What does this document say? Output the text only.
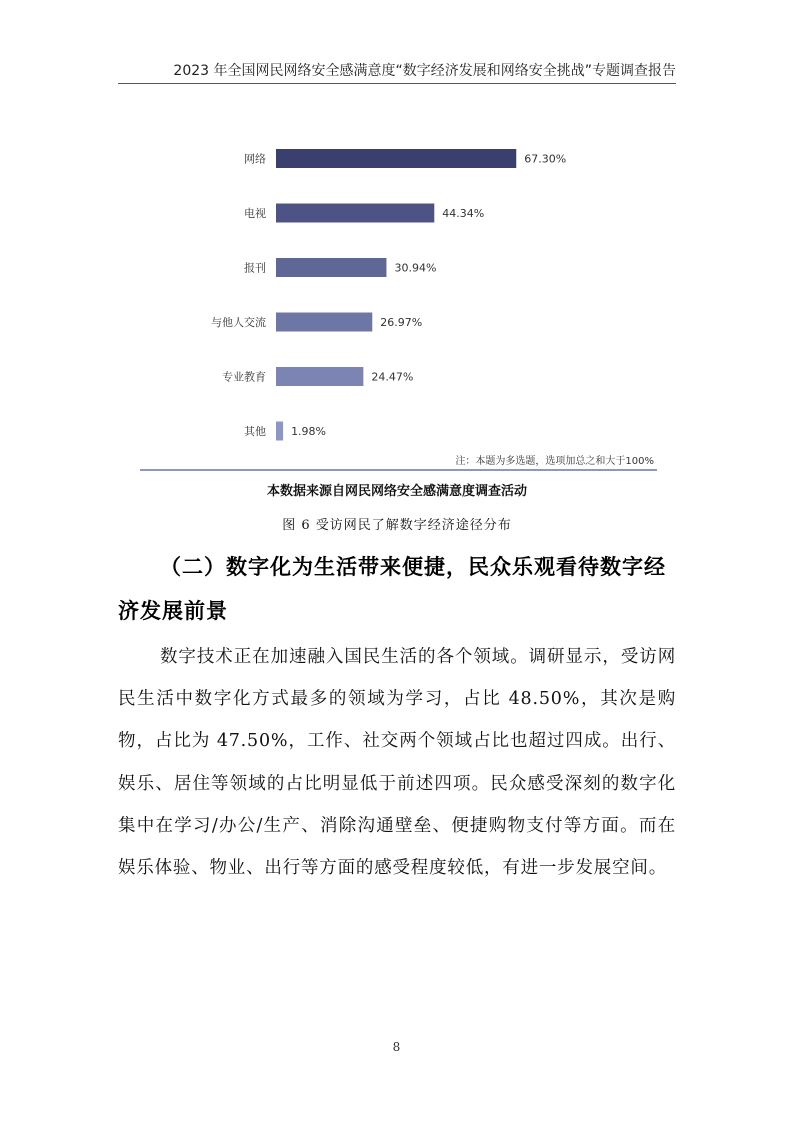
2023 年全国网民网络安全感满意度“数字经济发展和网络安全挑战”专题调查报告
网络	67.30%
电视	44.34%
报刊	30.94%
与他人交流	26.97%
专业教育	24.47%
其他 1.98%
注：本题为多选题，选项加总之和大于100%
本数据来源自网民网络安全感满意度调查活动
图 6 受访网民了解数字经济途径分布
（二）数字化为生活带来便捷，民众乐观看待数字经济发展前景
数字技术正在加速融入国民生活的各个领域。调研显示，受访网民生活中数字化方式最多的领域为学习，占比 48.50%，其次是购物，占比为 47.50%，工作、社交两个领域占比也超过四成。出行、娱乐、居住等领域的占比明显低于前述四项。民众感受深刻的数字化集中在学习/办公/生产、消除沟通壁垒、便捷购物支付等方面。而在娱乐体验、物业、出行等方面的感受程度较低，有进一步发展空间。
8
